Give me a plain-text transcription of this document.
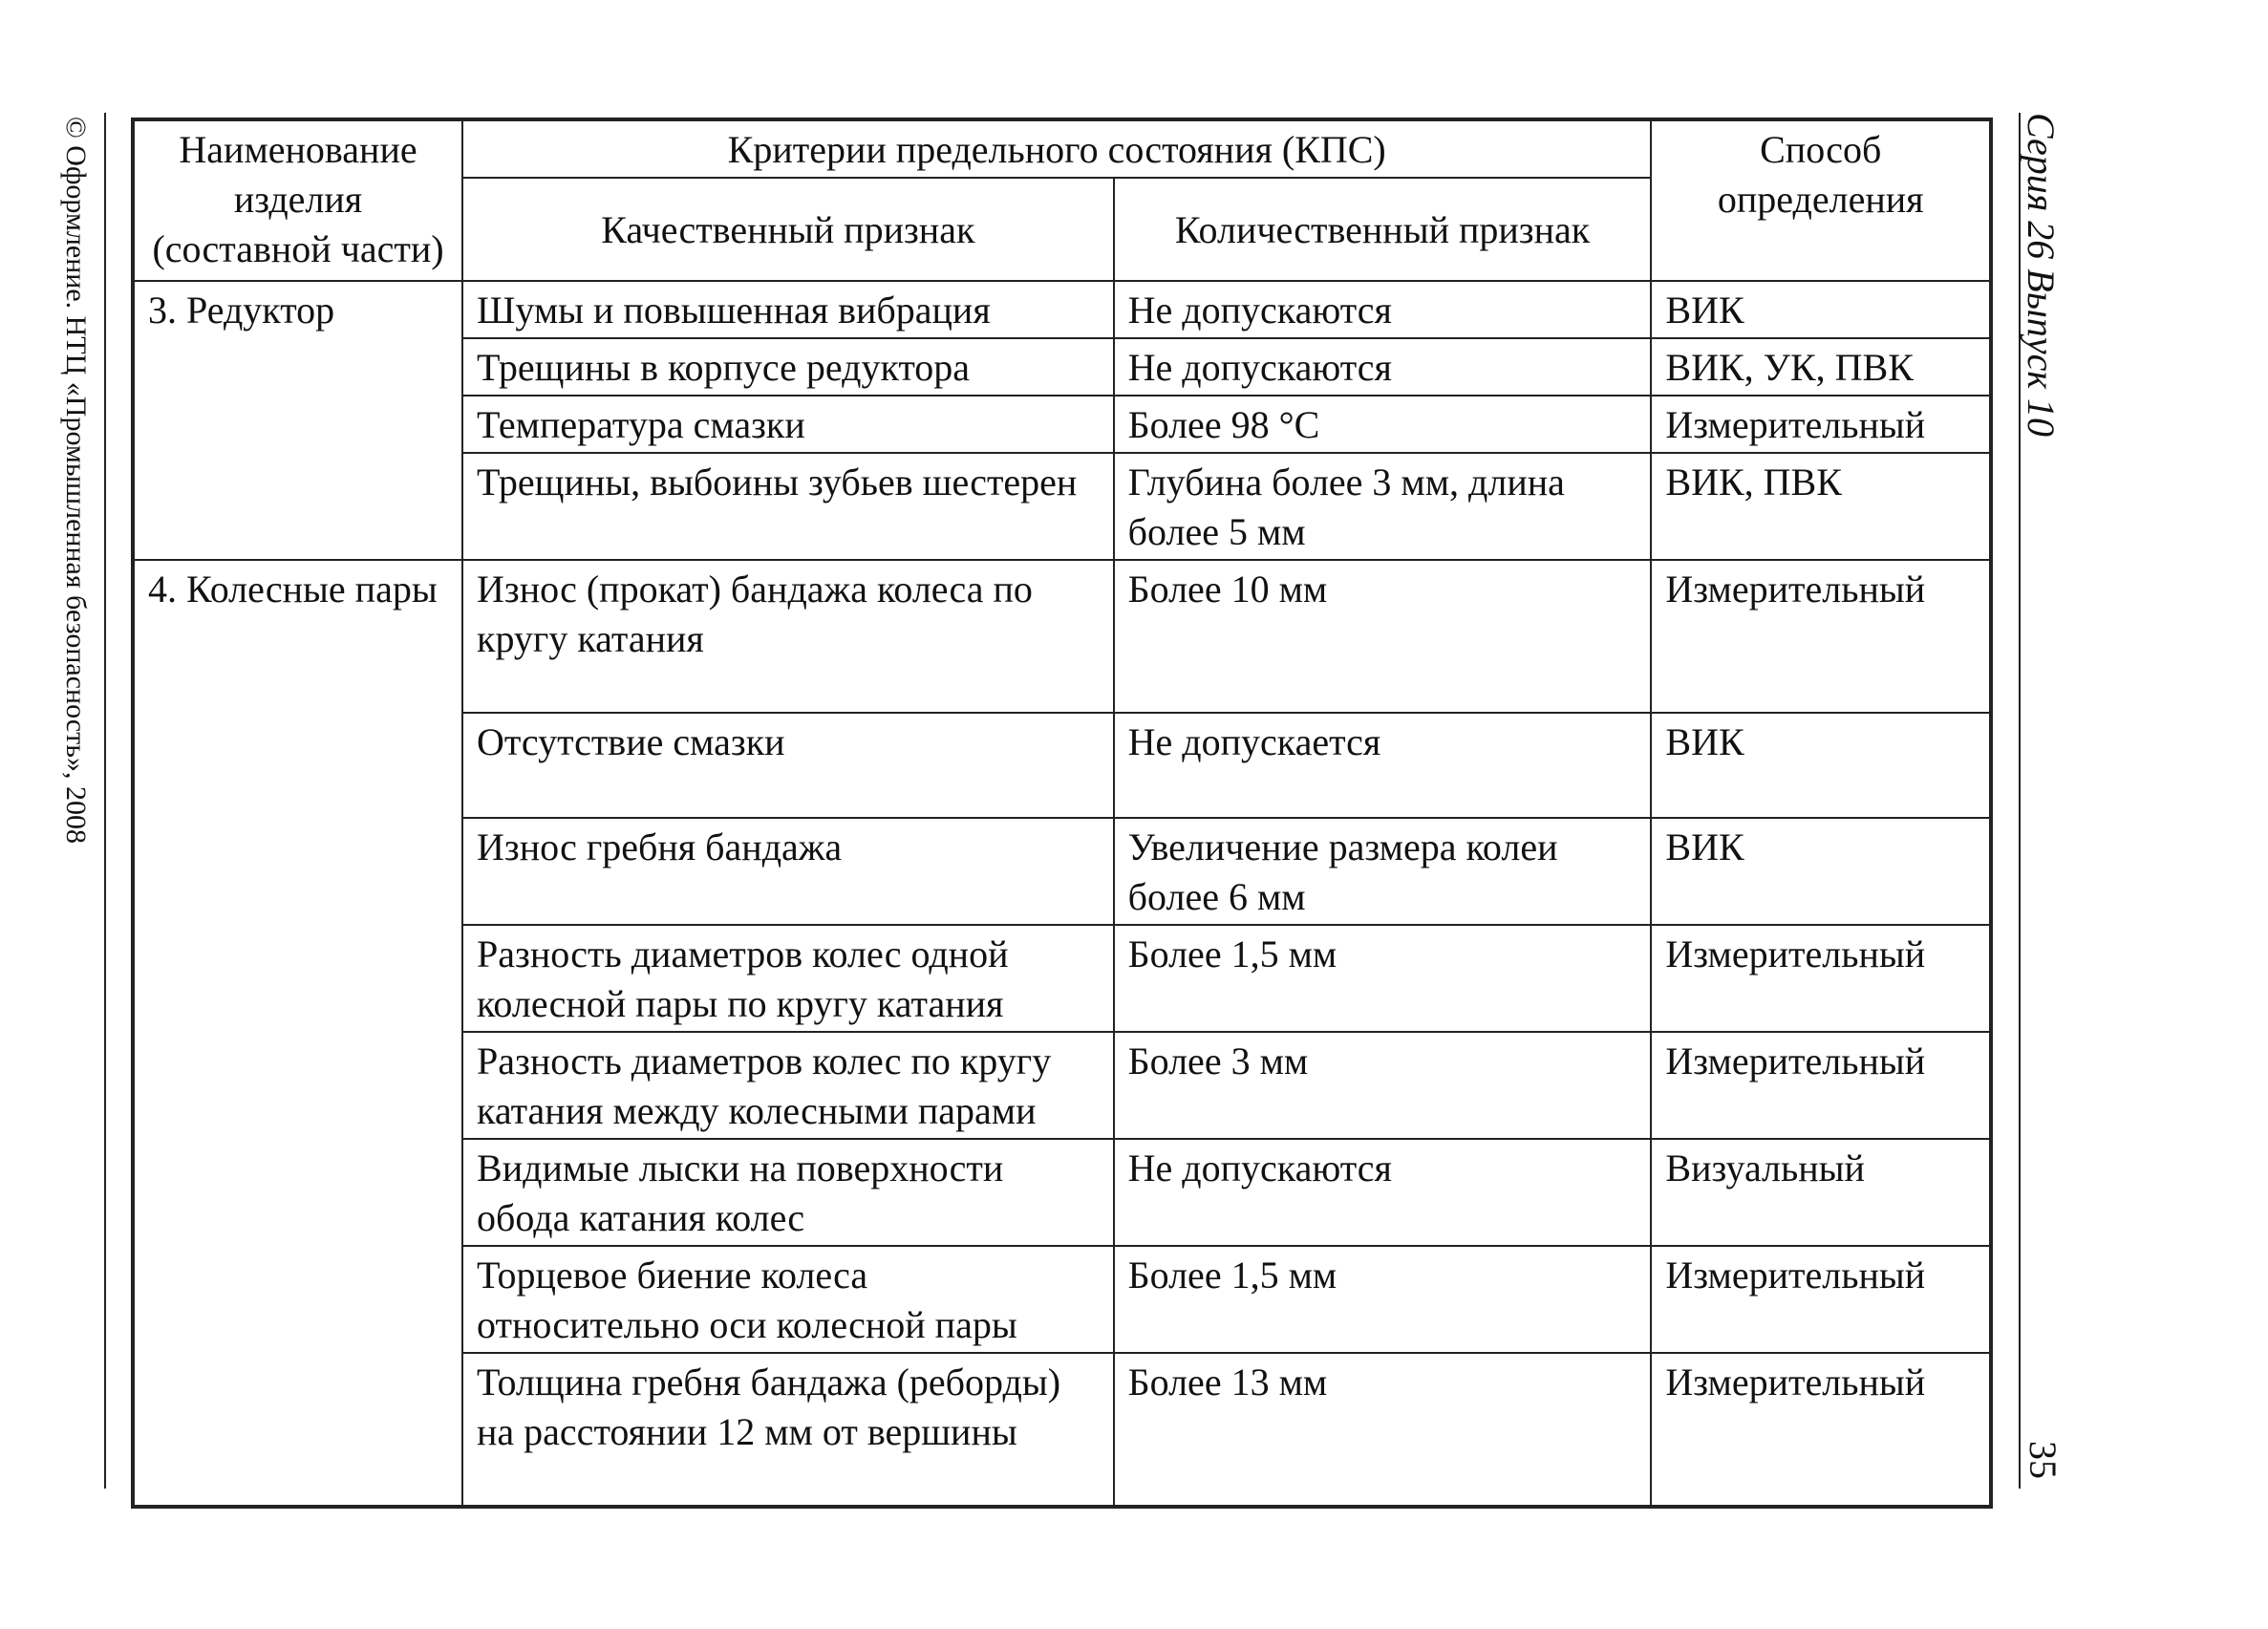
© Оформление. НТЦ «Промышленная безопасность», 2008	Серия 26 Выпуск 10
35
Наименование изделия (составной части)	Критерии предельного состояния (КПС)		Способ определения
	Качественный признак	Количественный признак	
3. Редуктор	Шумы и повышенная вибрация	Не допускаются	ВИК
	Трещины в корпусе редуктора	Не допускаются	ВИК, УК, ПВК
	Температура смазки	Более 98 °С	Измерительный
	Трещины, выбоины зубьев шестерен	Глубина более 3 мм, длина более 5 мм	ВИК, ПВК
4. Колесные пары	Износ (прокат) бандажа колеса по кругу катания	Более 10 мм	Измерительный
	Отсутствие смазки	Не допускается	ВИК
	Износ гребня бандажа	Увеличение размера колеи более 6 мм	ВИК
	Разность диаметров колес одной колесной пары по кругу катания	Более 1,5 мм	Измерительный
	Разность диаметров колес по кругу катания между колесными парами	Более 3 мм	Измерительный
	Видимые лыски на поверхности обода катания колес	Не допускаются	Визуальный
	Торцевое биение колеса относительно оси колесной пары	Более 1,5 мм	Измерительный
	Толщина гребня бандажа (реборды) на расстоянии 12 мм от вершины	Более 13 мм	Измерительный
